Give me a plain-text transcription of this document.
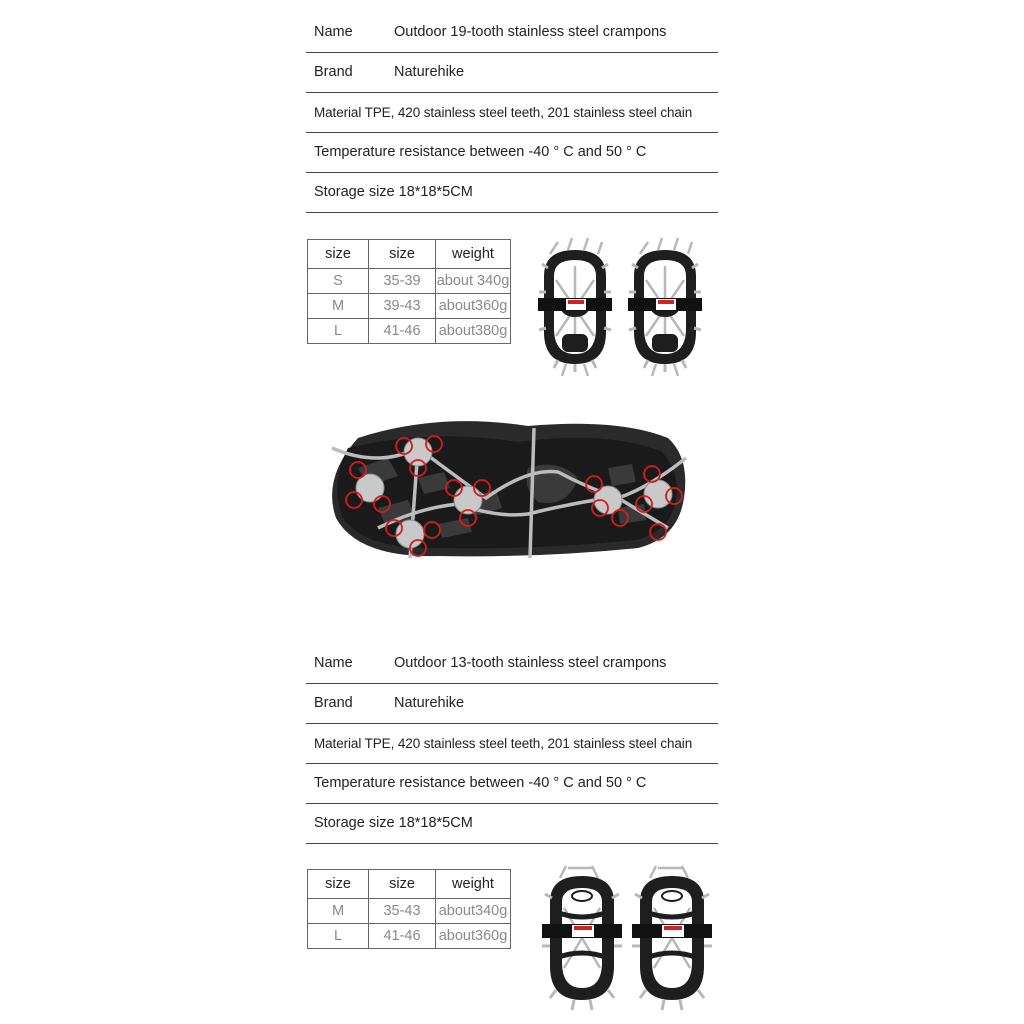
Name	Outdoor 19-tooth stainless steel crampons
Brand	Naturehike
Material TPE, 420 stainless steel teeth, 201 stainless steel chain
Temperature resistance between -40 ° C and 50 ° C
Storage size 18*18*5CM
size	size	weight
S	35-39	about 340g
M	39-43	about360g
L	41-46	about380g
Name	Outdoor 13-tooth stainless steel crampons
Brand	Naturehike
Material TPE, 420 stainless steel teeth, 201 stainless steel chain
Temperature resistance between -40 ° C and 50 ° C
Storage size 18*18*5CM
size	size	weight
M	35-43	about340g
L	41-46	about360g
